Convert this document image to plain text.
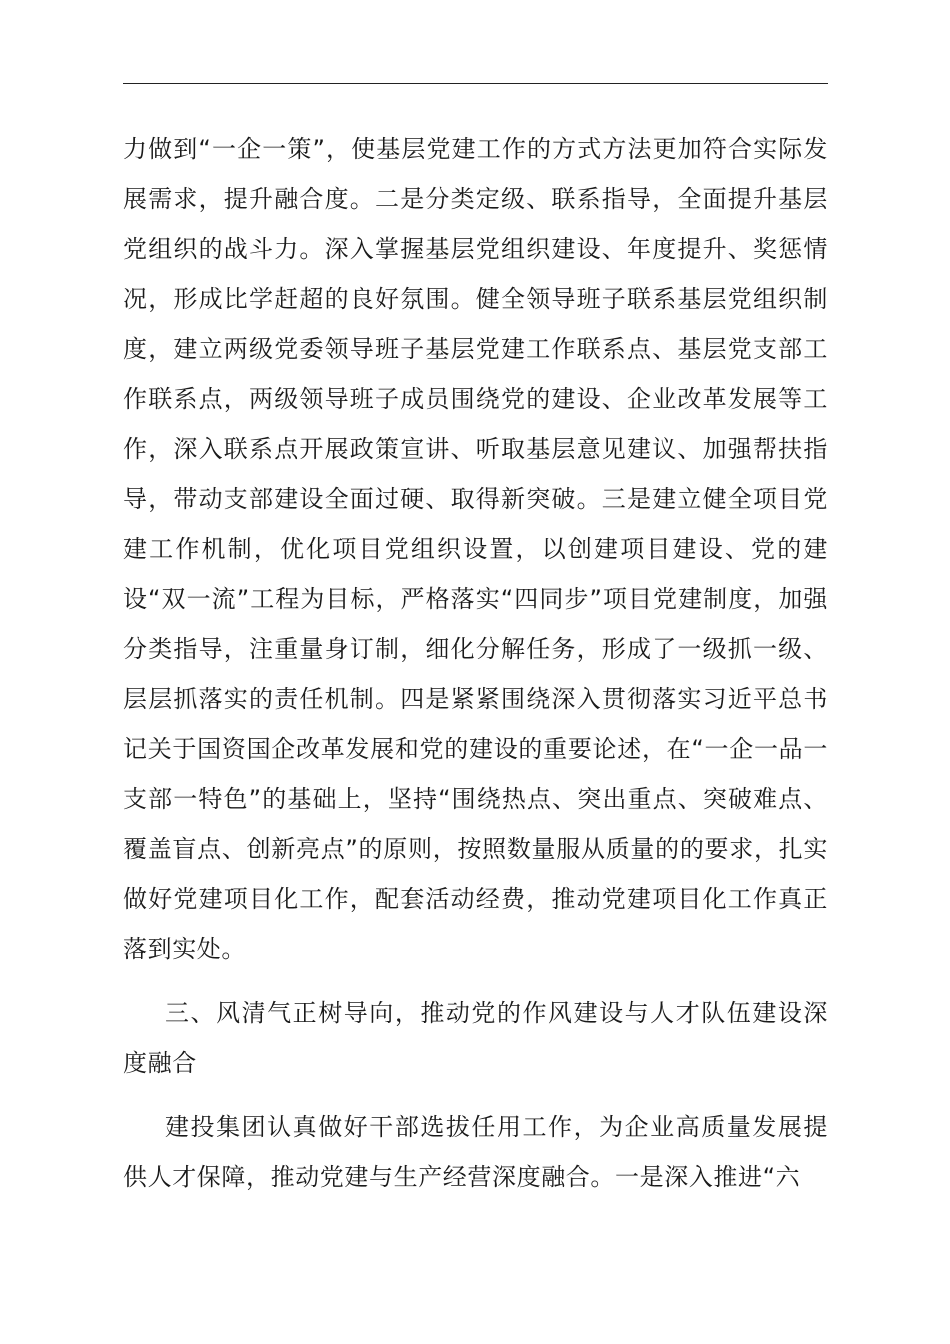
力做到“一企一策”，使基层党建工作的方式方法更加符合实际发展需求，提升融合度。二是分类定级、联系指导，全面提升基层党组织的战斗力。深入掌握基层党组织建设、年度提升、奖惩情况，形成比学赶超的良好氛围。健全领导班子联系基层党组织制度，建立两级党委领导班子基层党建工作联系点、基层党支部工作联系点，两级领导班子成员围绕党的建设、企业改革发展等工作，深入联系点开展政策宣讲、听取基层意见建议、加强帮扶指导，带动支部建设全面过硬、取得新突破。三是建立健全项目党建工作机制，优化项目党组织设置，以创建项目建设、党的建设“双一流”工程为目标，严格落实“四同步”项目党建制度，加强分类指导，注重量身订制，细化分解任务，形成了一级抓一级、层层抓落实的责任机制。四是紧紧围绕深入贯彻落实习近平总书记关于国资国企改革发展和党的建设的重要论述，在“一企一品一支部一特色”的基础上，坚持“围绕热点、突出重点、突破难点、覆盖盲点、创新亮点”的原则，按照数量服从质量的的要求，扎实做好党建项目化工作，配套活动经费，推动党建项目化工作真正落到实处。

三、风清气正树导向，推动党的作风建设与人才队伍建设深度融合

建投集团认真做好干部选拔任用工作，为企业高质量发展提供人才保障，推动党建与生产经营深度融合。一是深入推进“六
